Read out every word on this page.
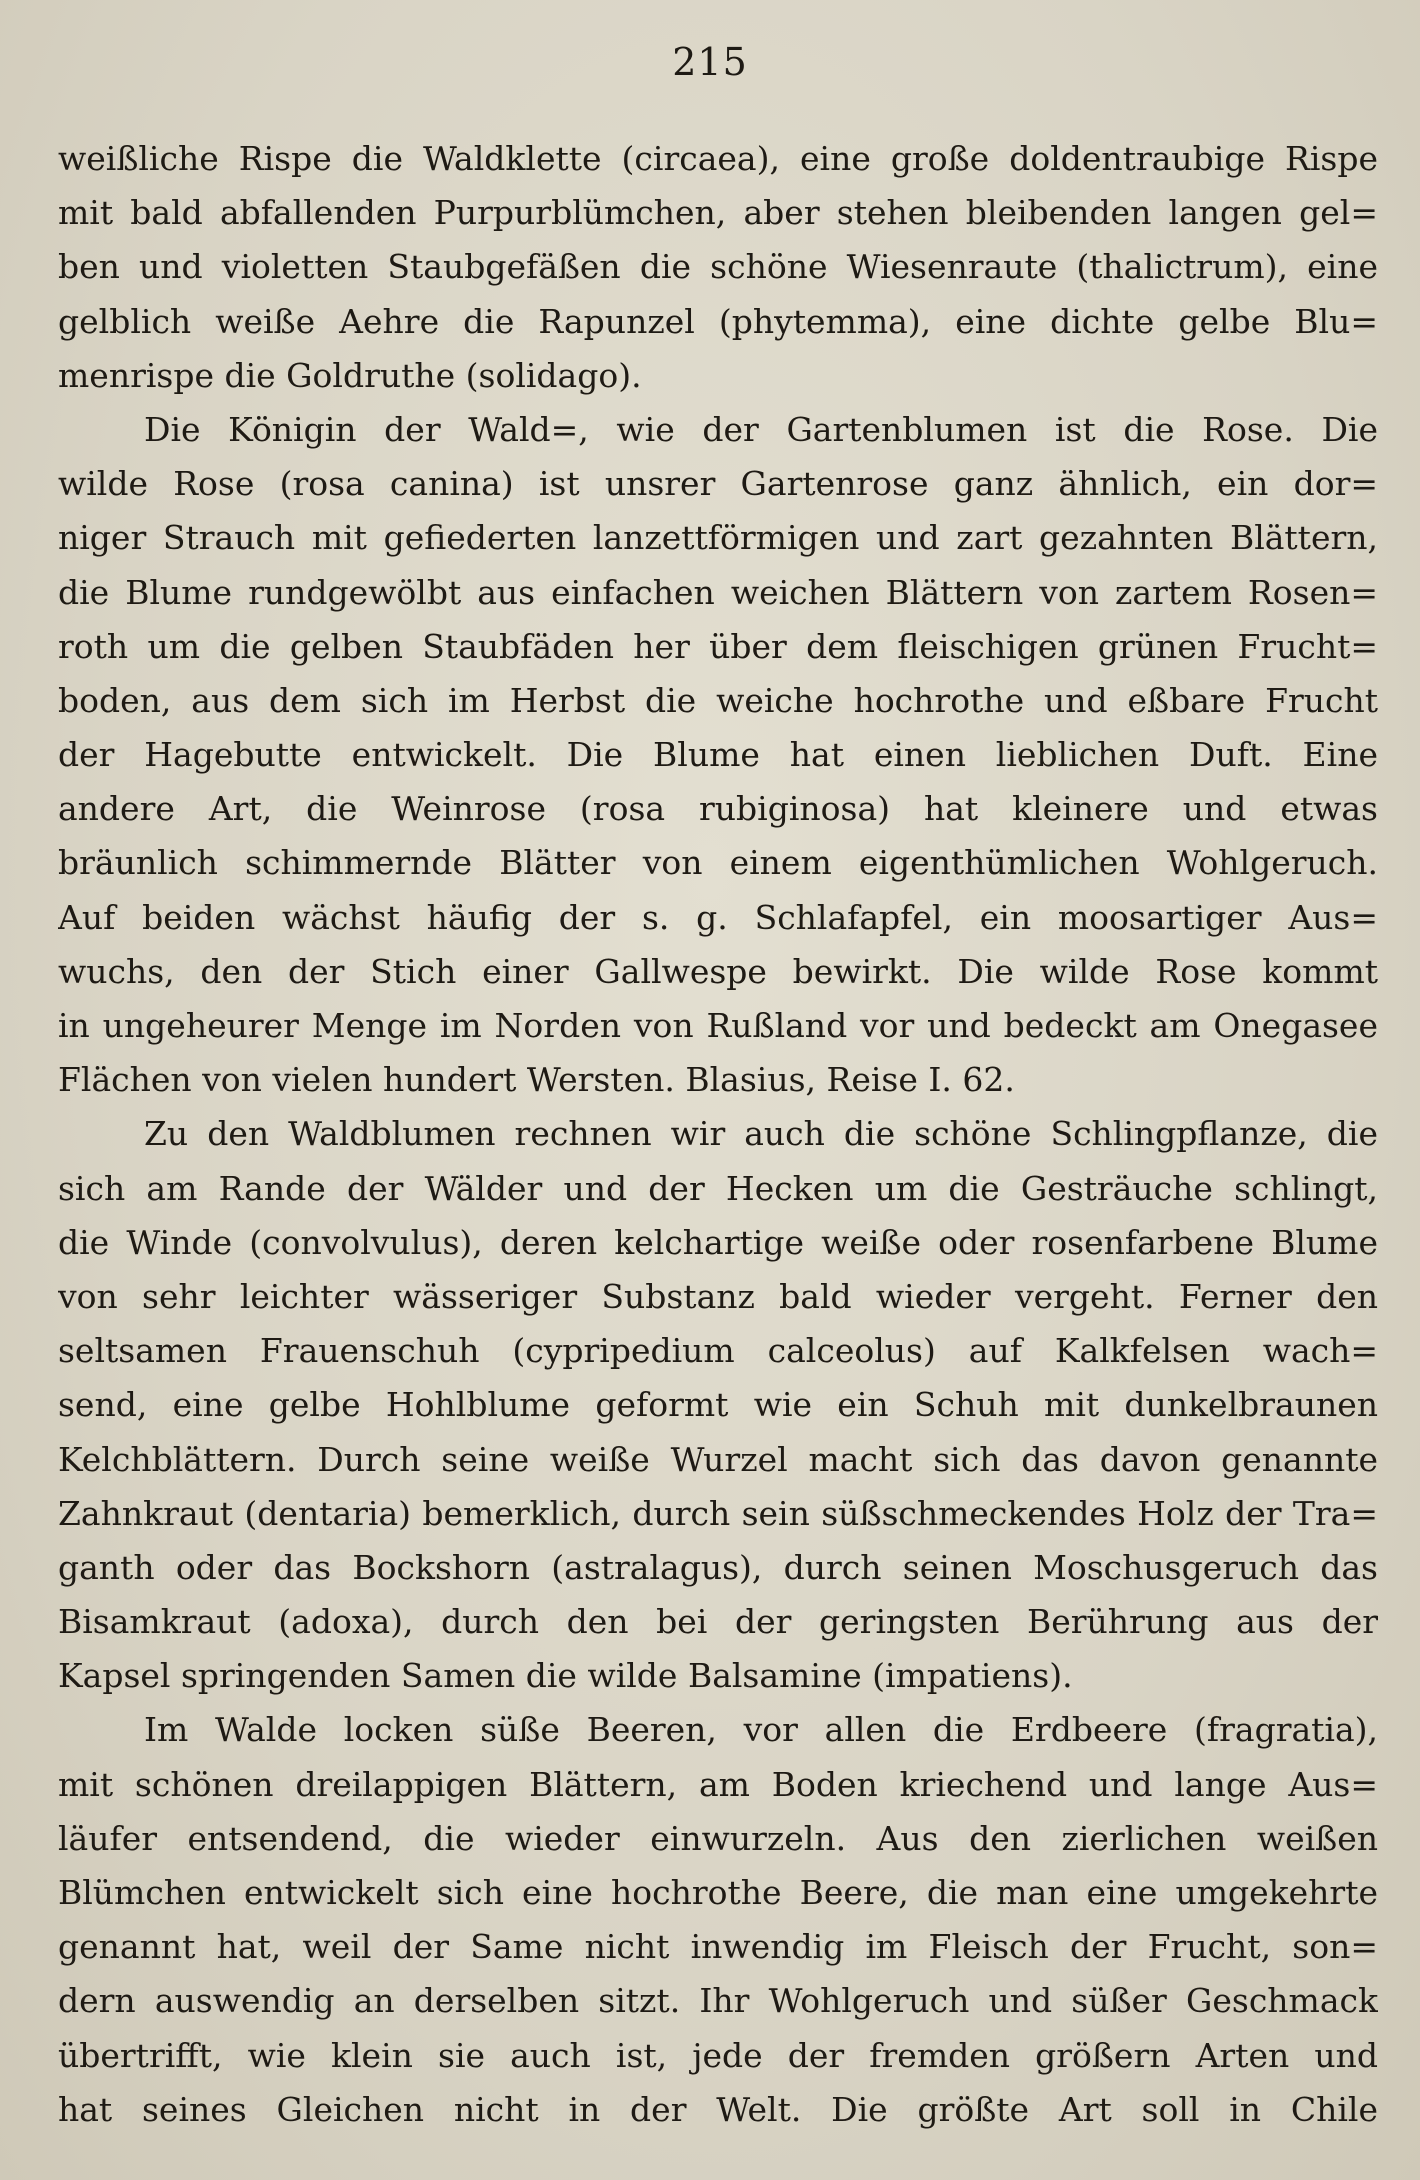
215
weißliche Rispe die Waldklette (circaea), eine große doldentraubige Rispe
mit bald abfallenden Purpurblümchen, aber stehen bleibenden langen gel=
ben und violetten Staubgefäßen die schöne Wiesenraute (thalictrum), eine
gelblich weiße Aehre die Rapunzel (phytemma), eine dichte gelbe Blu=
menrispe die Goldruthe (solidago).
Die Königin der Wald=, wie der Gartenblumen ist die Rose. Die
wilde Rose (rosa canina) ist unsrer Gartenrose ganz ähnlich, ein dor=
niger Strauch mit gefiederten lanzettförmigen und zart gezahnten Blättern,
die Blume rundgewölbt aus einfachen weichen Blättern von zartem Rosen=
roth um die gelben Staubfäden her über dem fleischigen grünen Frucht=
boden, aus dem sich im Herbst die weiche hochrothe und eßbare Frucht
der Hagebutte entwickelt. Die Blume hat einen lieblichen Duft. Eine
andere Art, die Weinrose (rosa rubiginosa) hat kleinere und etwas
bräunlich schimmernde Blätter von einem eigenthümlichen Wohlgeruch.
Auf beiden wächst häufig der s. g. Schlafapfel, ein moosartiger Aus=
wuchs, den der Stich einer Gallwespe bewirkt. Die wilde Rose kommt
in ungeheurer Menge im Norden von Rußland vor und bedeckt am Onegasee
Flächen von vielen hundert Wersten. Blasius, Reise I. 62.
Zu den Waldblumen rechnen wir auch die schöne Schlingpflanze, die
sich am Rande der Wälder und der Hecken um die Gesträuche schlingt,
die Winde (convolvulus), deren kelchartige weiße oder rosenfarbene Blume
von sehr leichter wässeriger Substanz bald wieder vergeht. Ferner den
seltsamen Frauenschuh (cypripedium calceolus) auf Kalkfelsen wach=
send, eine gelbe Hohlblume geformt wie ein Schuh mit dunkelbraunen
Kelchblättern. Durch seine weiße Wurzel macht sich das davon genannte
Zahnkraut (dentaria) bemerklich, durch sein süßschmeckendes Holz der Tra=
ganth oder das Bockshorn (astralagus), durch seinen Moschusgeruch das
Bisamkraut (adoxa), durch den bei der geringsten Berührung aus der
Kapsel springenden Samen die wilde Balsamine (impatiens).
Im Walde locken süße Beeren, vor allen die Erdbeere (fragratia),
mit schönen dreilappigen Blättern, am Boden kriechend und lange Aus=
läufer entsendend, die wieder einwurzeln. Aus den zierlichen weißen
Blümchen entwickelt sich eine hochrothe Beere, die man eine umgekehrte
genannt hat, weil der Same nicht inwendig im Fleisch der Frucht, son=
dern auswendig an derselben sitzt. Ihr Wohlgeruch und süßer Geschmack
übertrifft, wie klein sie auch ist, jede der fremden größern Arten und
hat seines Gleichen nicht in der Welt. Die größte Art soll in Chile
